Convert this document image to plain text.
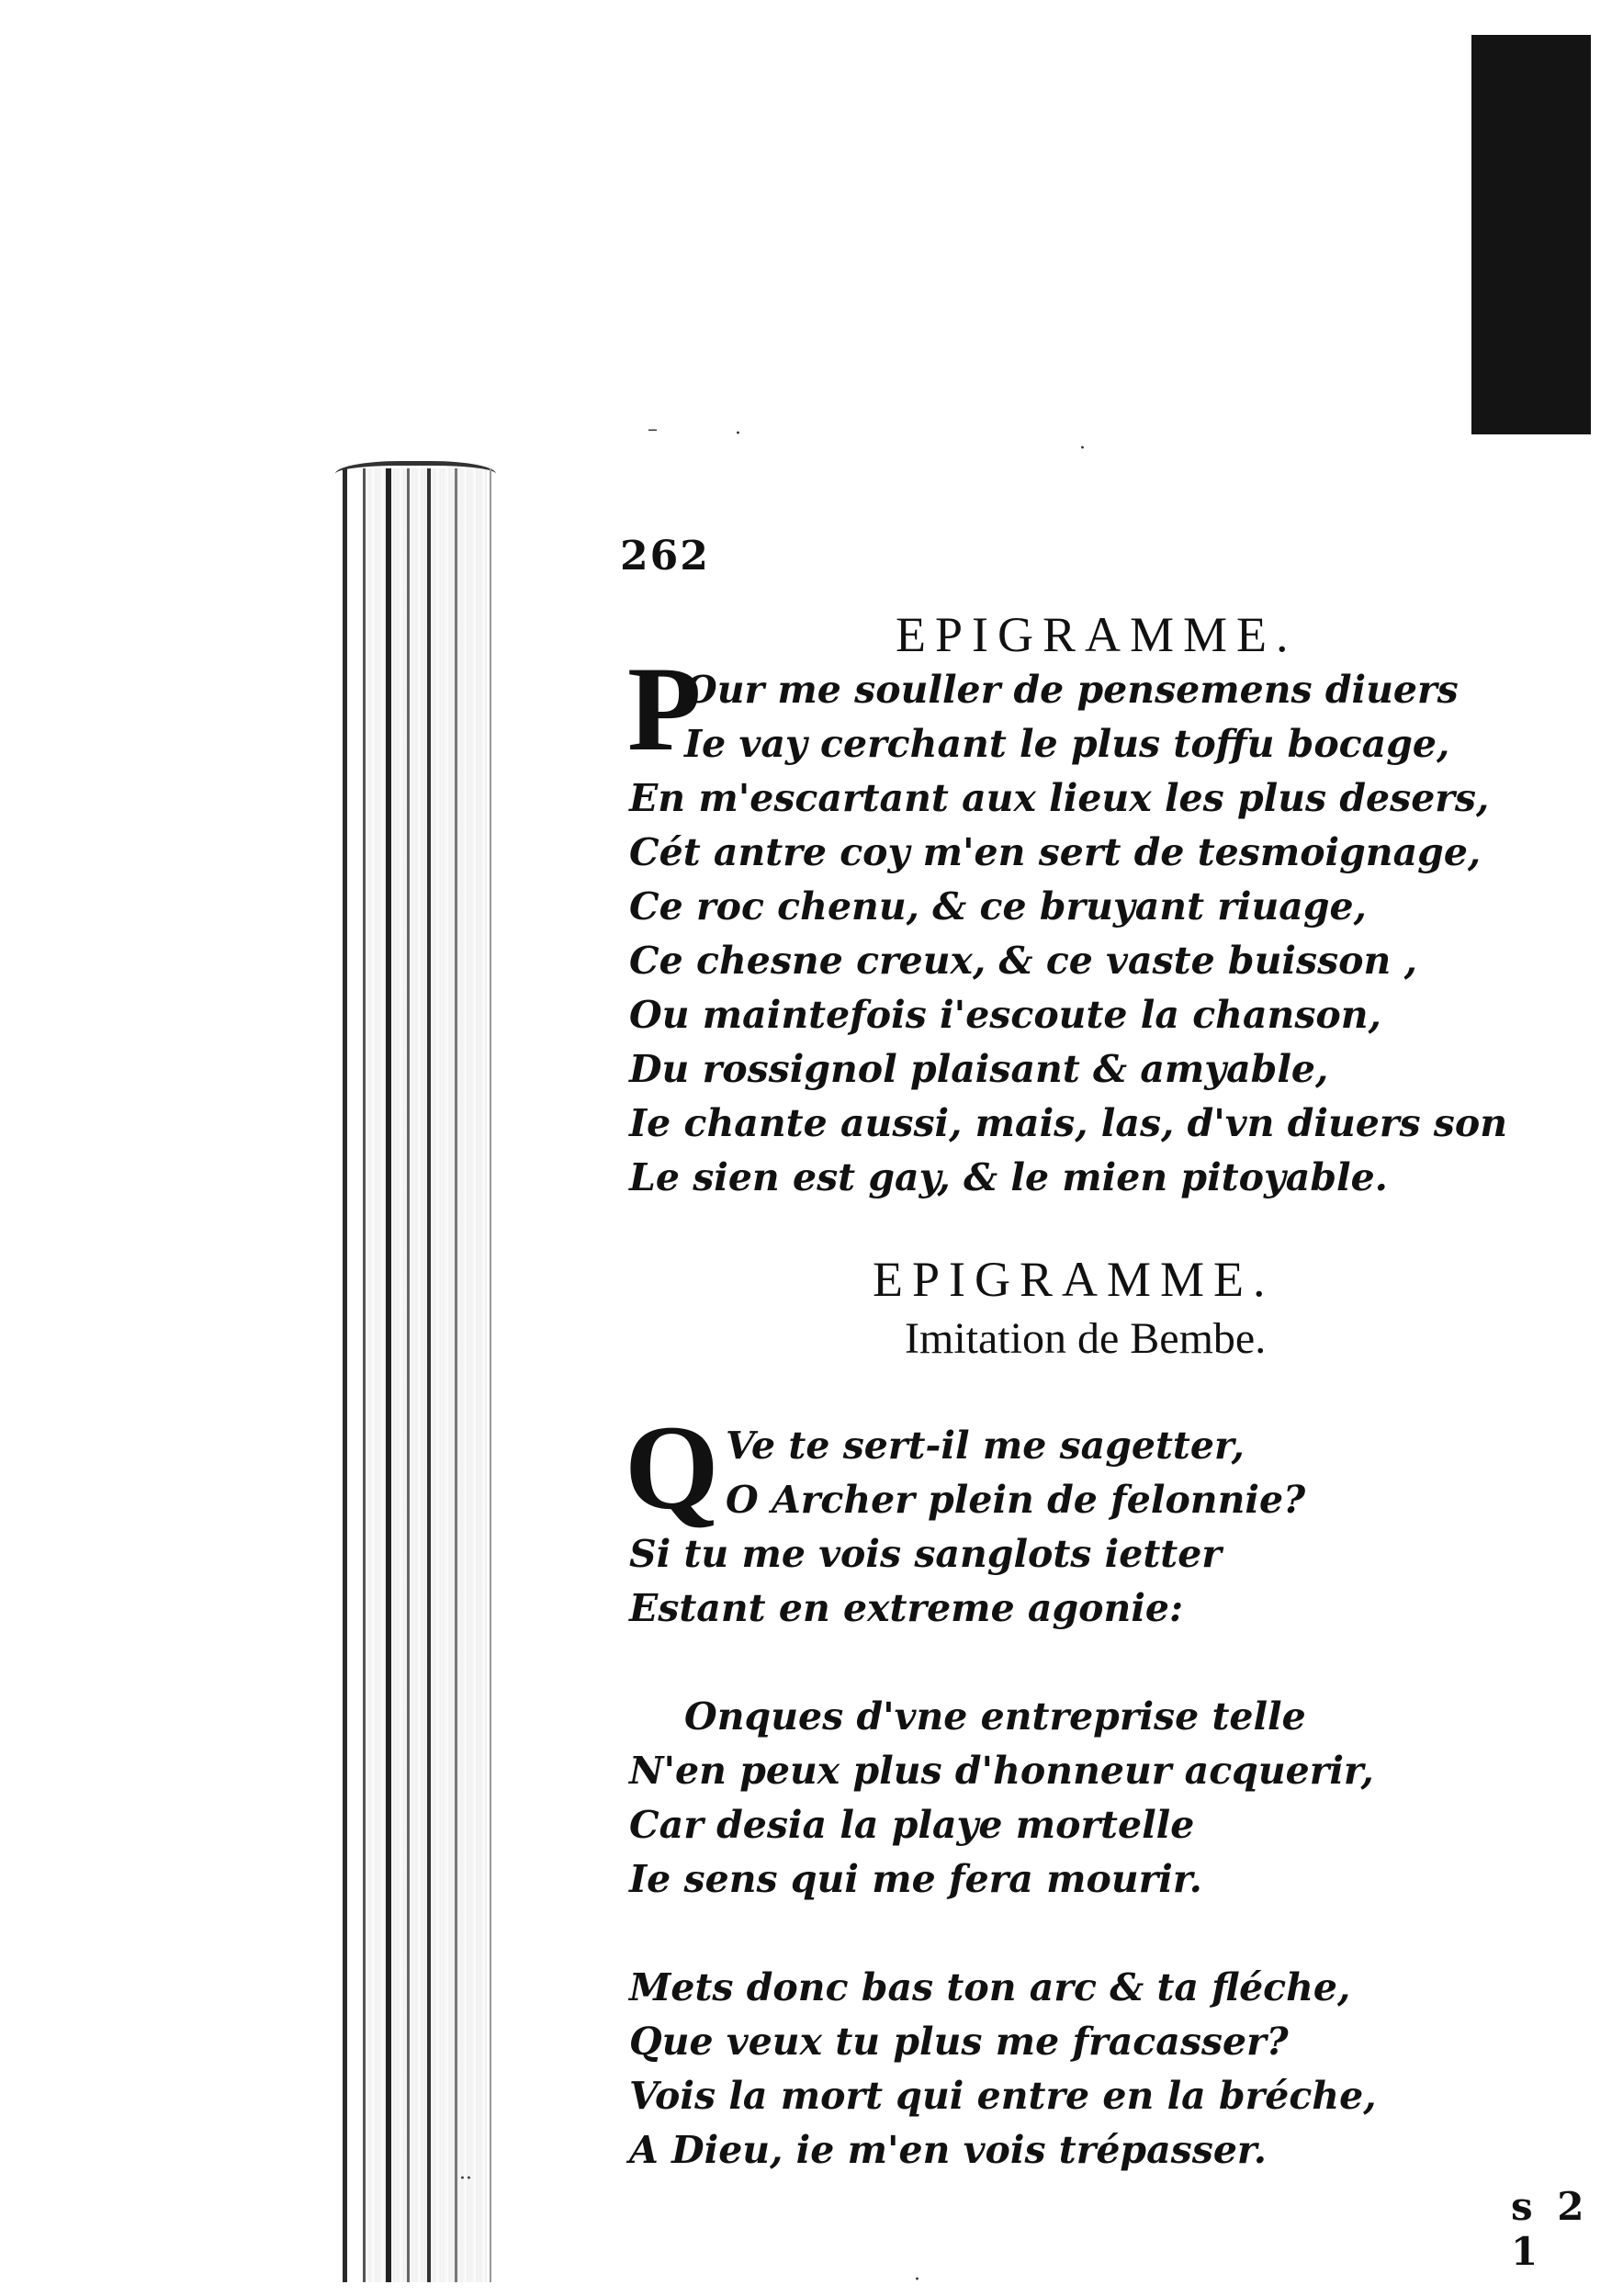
–	·
·
··
·
262
EPIGRAMME.
P
Our me souller de pensemens diuers
Ie vay cerchant le plus toffu bocage,
En m'escartant aux lieux les plus desers,
Cét antre coy m'en sert de tesmoignage,
Ce roc chenu, & ce bruyant riuage,
Ce chesne creux, & ce vaste buisson ,
Ou maintefois i'escoute la chanson,
Du rossignol plaisant & amyable,
Ie chante aussi, mais, las, d'vn diuers son
Le sien est gay, & le mien pitoyable.
EPIGRAMME.
Imitation de Bembe.
Q Ve te sert-il me sagetter,
O Archer plein de felonnie?
Si tu me vois sanglots ietter
Estant en extreme agonie:
Onques d'vne entreprise telle
N'en peux plus d'honneur acquerir,
Car desia la playe mortelle
Ie sens qui me fera mourir.
Mets donc bas ton arc & ta fléche,
Que veux tu plus me fracasser?
Vois la mort qui entre en la bréche,
A Dieu, ie m'en vois trépasser.
s 2 1
